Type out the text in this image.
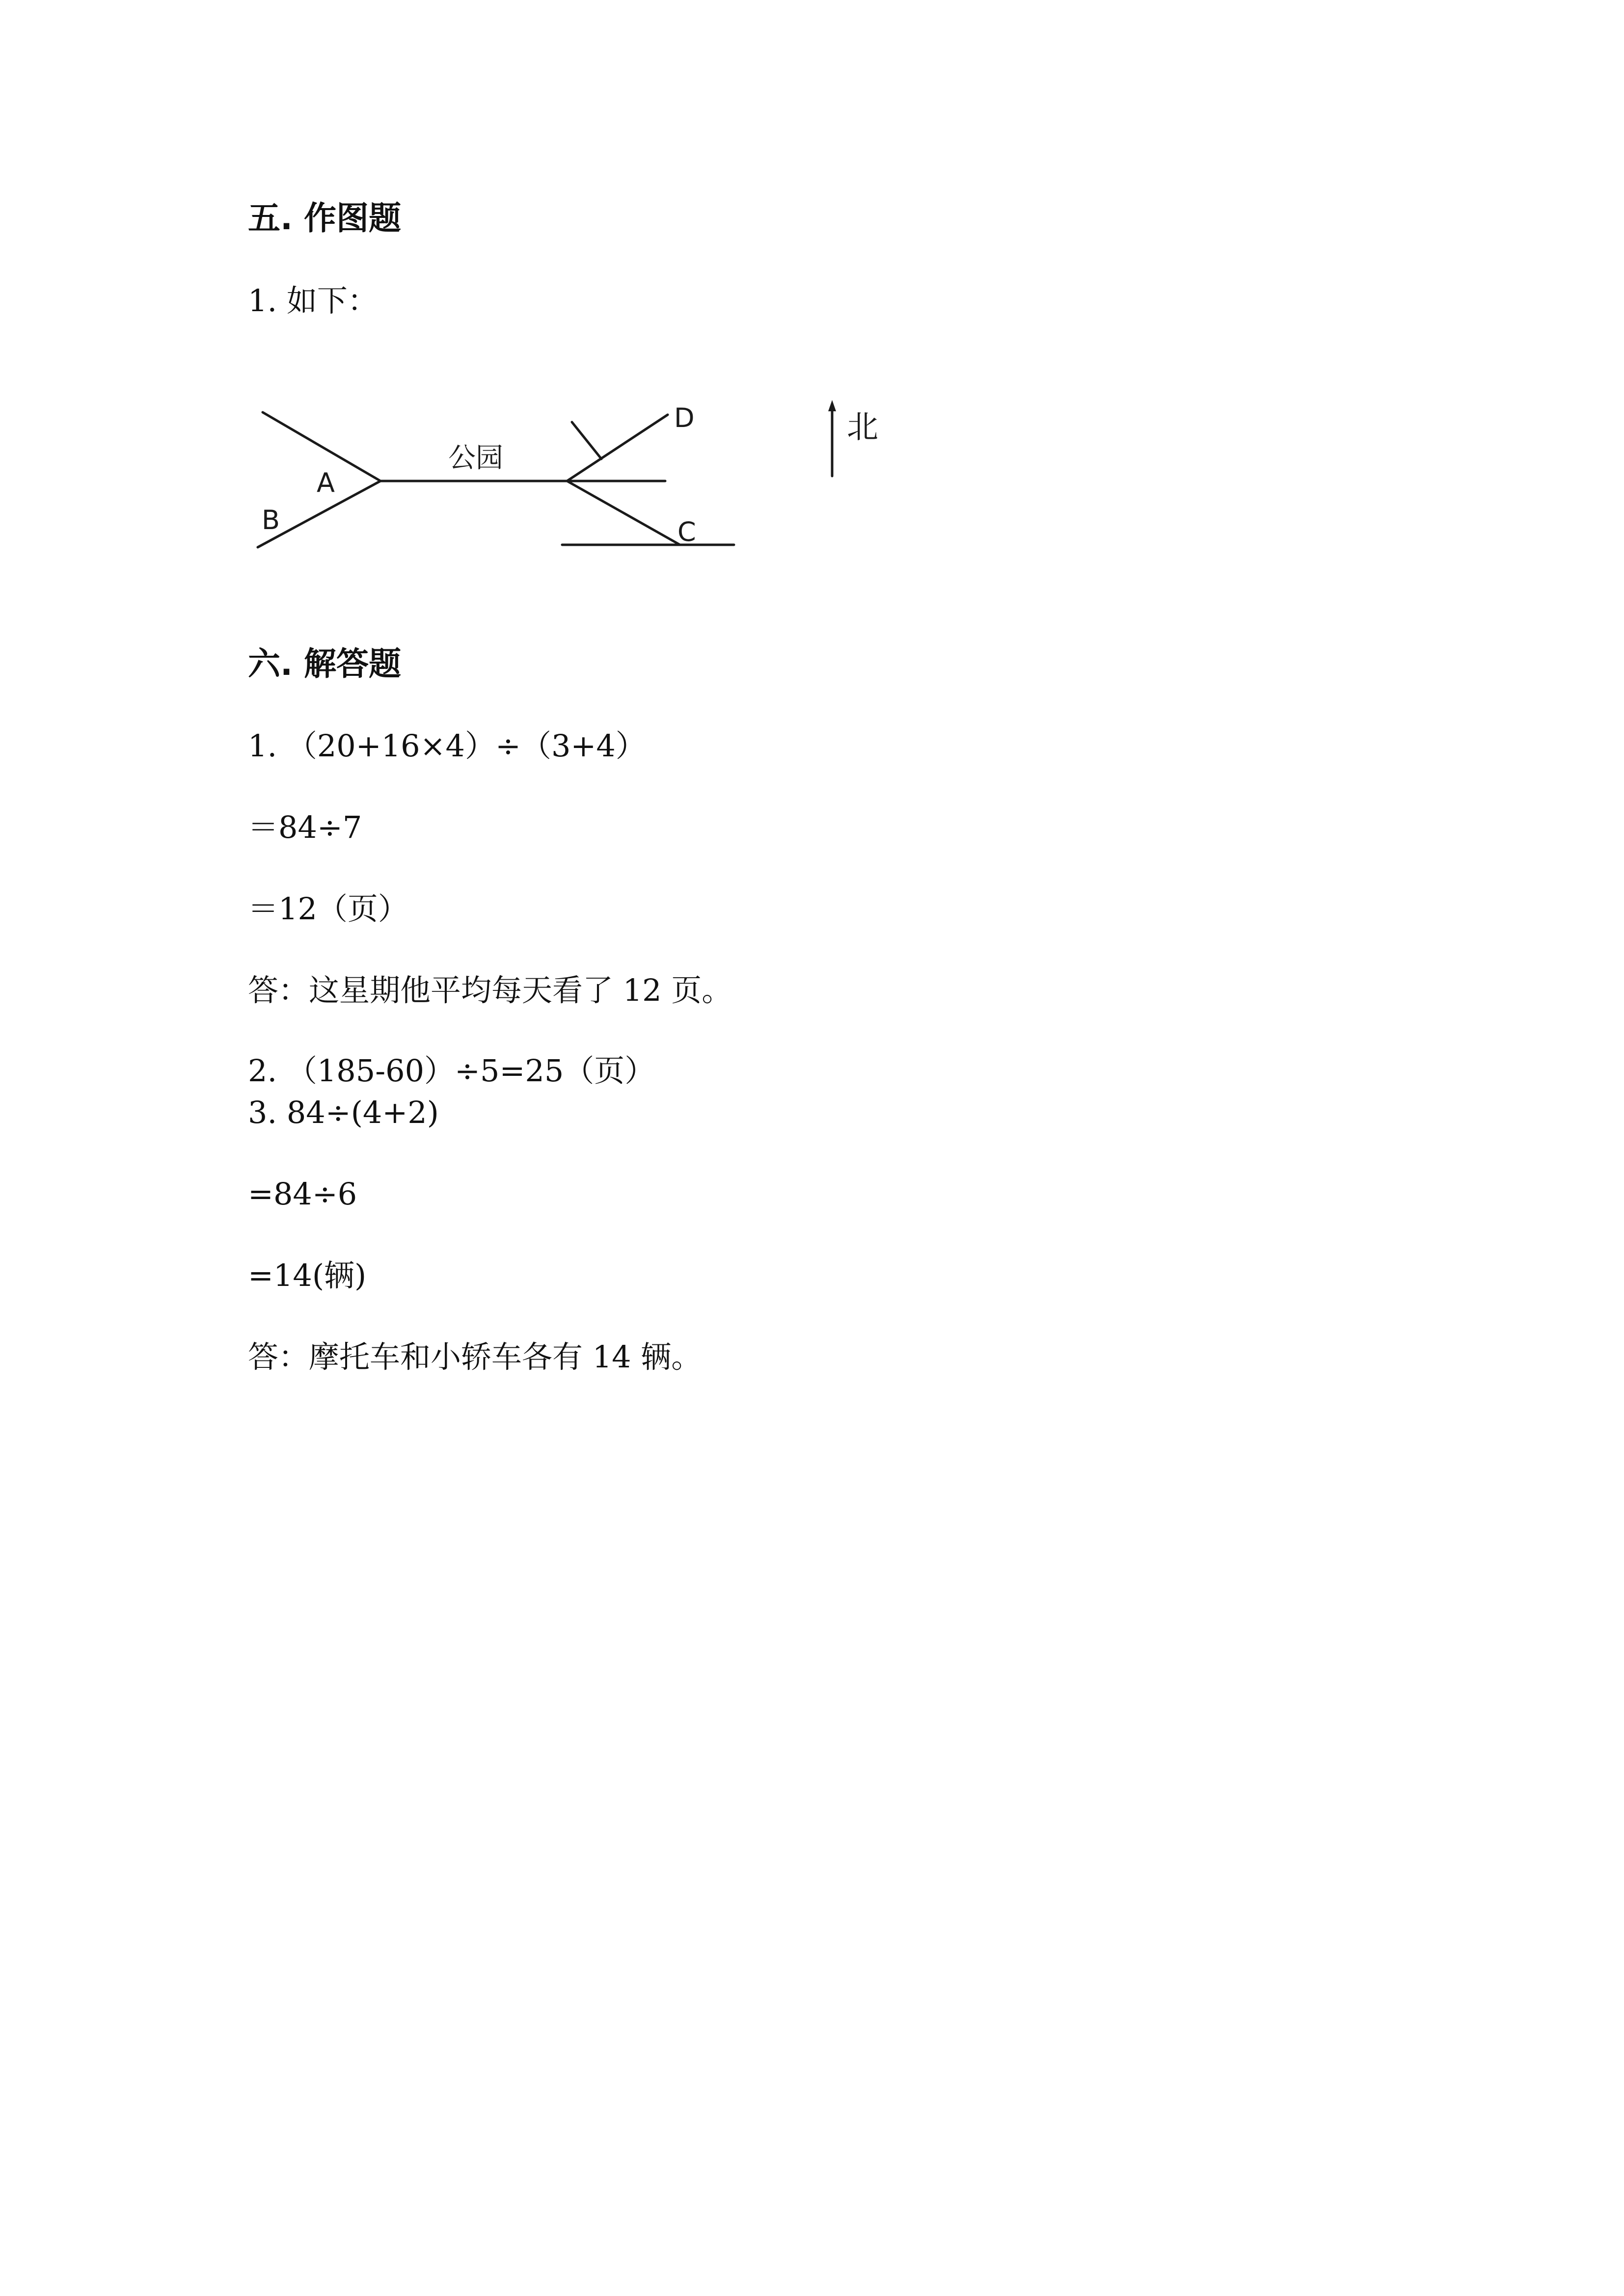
五. 作图题
1. 如下：
公园
A
B	C
D	北
六. 解答题
1. （20+16×4）÷（3+4）
＝84÷7
＝12（页）
答：这星期他平均每天看了 12 页。
2. （185-60）÷5=25（页）
3. 84÷(4+2)
=84÷6
=14(辆)
答：摩托车和小轿车各有 14 辆。
